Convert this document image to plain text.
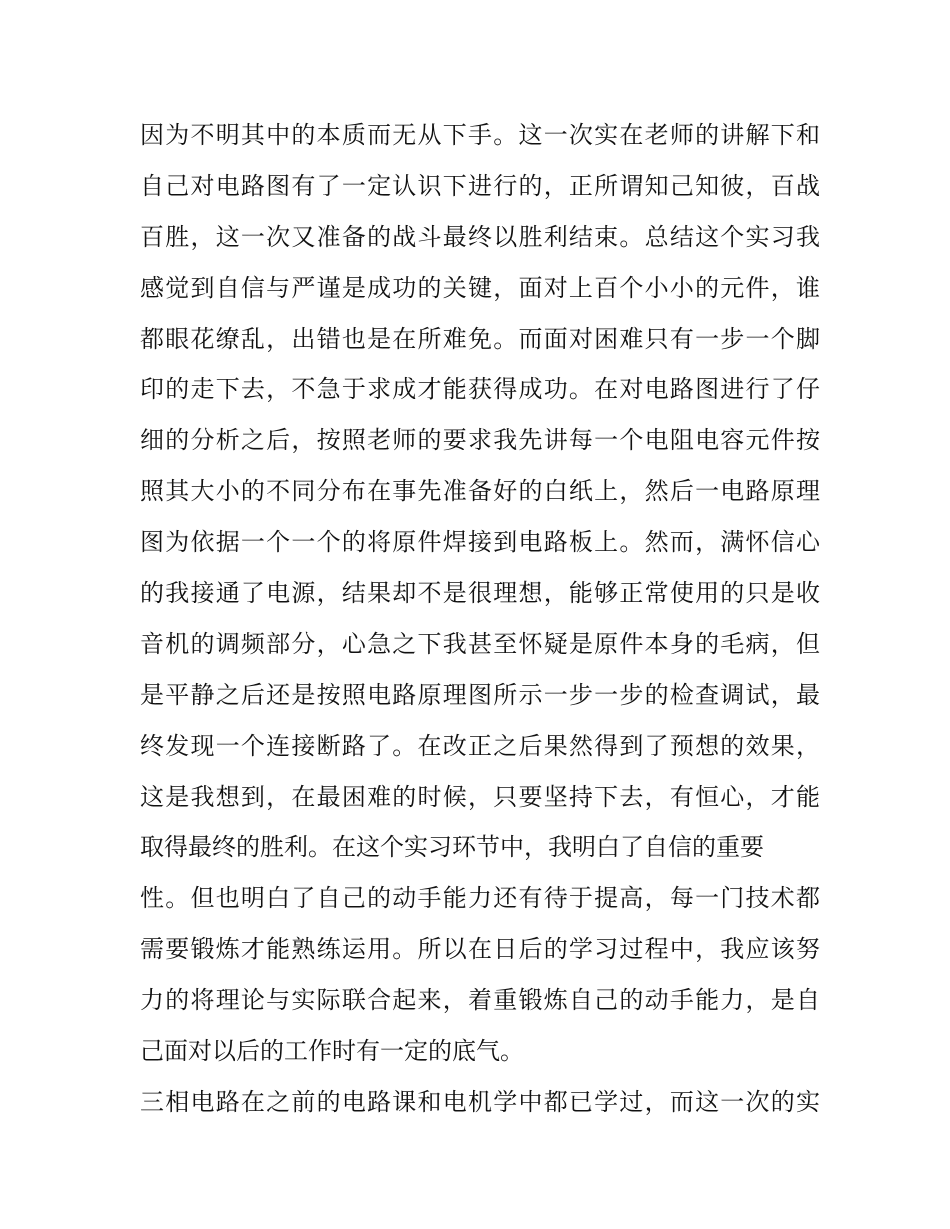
因为不明其中的本质而无从下手。这一次实在老师的讲解下和
自己对电路图有了一定认识下进行的，正所谓知己知彼，百战
百胜，这一次又准备的战斗最终以胜利结束。总结这个实习我
感觉到自信与严谨是成功的关键，面对上百个小小的元件，谁
都眼花缭乱，出错也是在所难免。而面对困难只有一步一个脚
印的走下去，不急于求成才能获得成功。在对电路图进行了仔
细的分析之后，按照老师的要求我先讲每一个电阻电容元件按
照其大小的不同分布在事先准备好的白纸上，然后一电路原理
图为依据一个一个的将原件焊接到电路板上。然而，满怀信心
的我接通了电源，结果却不是很理想，能够正常使用的只是收
音机的调频部分，心急之下我甚至怀疑是原件本身的毛病，但
是平静之后还是按照电路原理图所示一步一步的检查调试，最
终发现一个连接断路了。在改正之后果然得到了预想的效果，
这是我想到，在最困难的时候，只要坚持下去，有恒心，才能
取得最终的胜利。在这个实习环节中，我明白了自信的重要
性。但也明白了自己的动手能力还有待于提高，每一门技术都
需要锻炼才能熟练运用。所以在日后的学习过程中，我应该努
力的将理论与实际联合起来，着重锻炼自己的动手能力，是自
己面对以后的工作时有一定的底气。
三相电路在之前的电路课和电机学中都已学过，而这一次的实
